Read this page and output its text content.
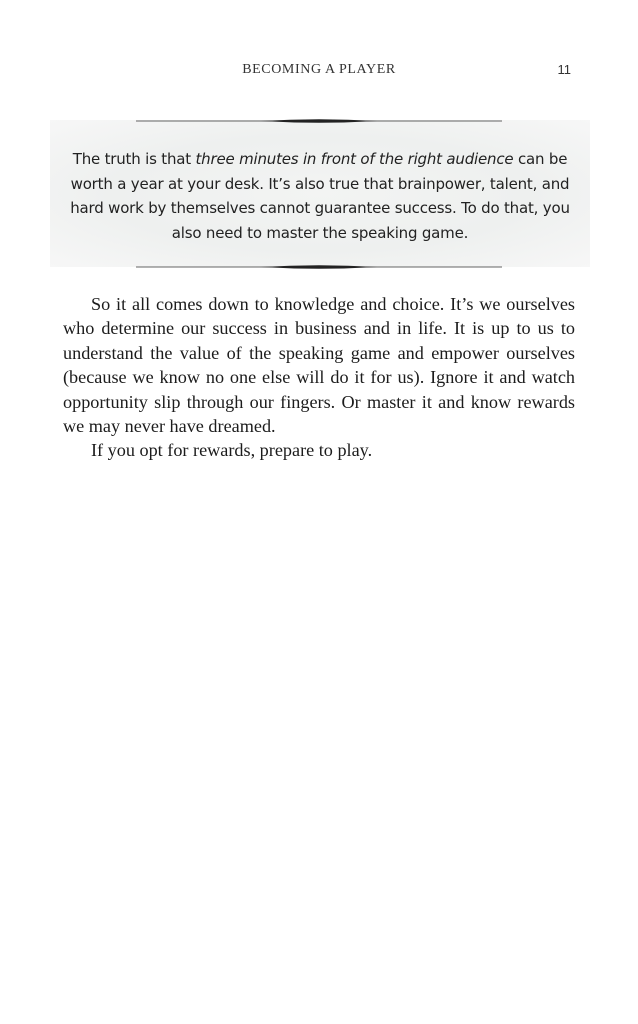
BECOMING A PLAYER	11
The truth is that three minutes in front of the right audience can be worth a year at your desk. It’s also true that brainpower, talent, and hard work by themselves cannot guarantee success. To do that, you also need to master the speaking game.

So it all comes down to knowledge and choice. It’s we ourselves who determine our success in business and in life. It is up to us to understand the value of the speaking game and empower ourselves (because we know no one else will do it for us). Ignore it and watch opportunity slip through our fingers. Or master it and know rewards we may never have dreamed.

If you opt for rewards, prepare to play.
